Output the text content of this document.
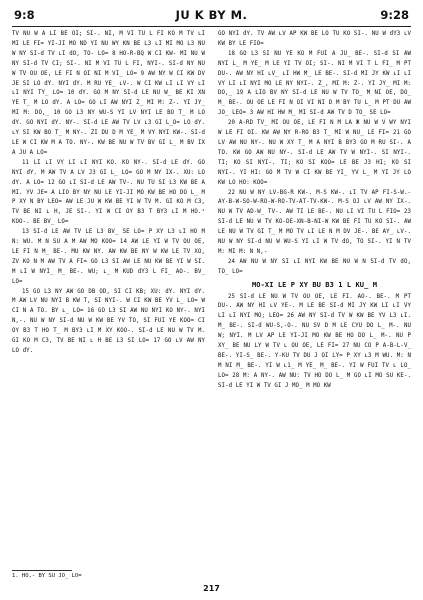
9:8	JU K BY M.	9:28

TV NU W A LI BE OI; SI-. NI, M VI TU L FI KO M TV ʟI MI LE FI= YI-JI MO ND YI NU WY KN BE L3 ʟI MI MO L3 NU W NY SI-d TV ʟI dO, TO- LO= 8 HO-R-BQ W CI KW- MI NU W NY SI-d TV CI; SI-. NI M VI TU L FI, NYI-. SI-d NY NU W TV OU OE, LE FI N OI NI M VI_ LO= 9 AW NY W CI KW DV JE SI LO dY. NYI dY. M RU YE_ ʟV-. W CI KW ʟI ʟI VY ʟI ʟI NYI TY_ LO= 10 dY. GO M NY SI-d LE NU W_ BE KI XN YE T_ M LO dY. A LO= GO ʟI AW NYI Z_ MI M: Z-. YI JY_ MI M: DO,_ 10 GO L3 NY WU-S YI LV NYI LE BO T_ M LO dY. GO NYI dY. NY-. SI-d LE AW TV LV ʟ3 GI L_O= LO dY. ʟY SI KW BO T_ M NY-. ZI DU D M YE_ M VY NYI KW-. SI-d LE W CI KW M A TO. NY-. KW BE NU W TV BV GI L_ M BV IX A JU A LO=

11 LI ʟI VY LI ʟI NYI KO. KO NY-. SI-d LE dY. GO NYI dY. M AW TV A LV J3 GI L_ LO= GO M NY IX-. XU: LO dY. A LO= 12 GO ʟI SI-d LE AW TV-. NU TU SI L3 KW BE A MI. YV JE= A LIO BY NY NU LE YI-JI MO KW BE HO DO L_ M P XY N BY LEO= AW LE JU W KW BE YI W TV M. GI KO M C3, TV BE NI ʟ H, JE SI-. YI W CI OY B3 T BY3 ʟI M HO.¹ KOO-. BE BV_ LO=

13 SI-d LE AW TV LE L3 BV_ SE LO= P XY L3 ʟI HO M N: WU. M N SU A M AW MO KOO= 14 AW LE YI W TV OU OE, LE FI N M_ BE-. MU KW NY. AW KW BE NY W KW LE TV XO, ZV KO N M AW TV A FI= GO L3 SI AW LE NU KW BE YI W SI. M ʟI W NYI_ M_ BE-. WU; ʟ_ M KUD dY3 L FI_ AO-. BV_ LO=

15 GO L3 NY AW GO DB OD, SI CI KB; XU: dY. NYI dY. M AW LV NU NYI B KW T, SI NYI-. W CI KW BE YV L_ LO= W CI N A TO. BY ʟ_ LO= 16 GO L3 SI AW NU NYI KO NY-. NYI N,-. NU W NY SI-d NU W KW BE YV TO, SI FUI YE KOO= CI OY B3 T HO T_ M BY3 ʟI M XY KOO-. SI-d LE NU W TV M. GI KO M C3, TV BE NI ʟ H BE L3 SI LO= 17 GO ʟV AW NY LO dY.

GO NYI dY. TV AW ʟV AP KW BE LO TU KO SI-. NU W dY3 ʟV KW BY LE FIO=

18 GO L3 SI NU YE KO M FUI A JU_ BE-. SI-d SI AW NYI L_ M YE_ M LE YI TV OI; SI-. NI M VI T L FI_ M PT DU-. AW NY HI ʟV_ ʟI HW M_ LE BE-. SI-d MI JY KW ʟI ʟI VY LI ʟI NYI MO LE NY NYI-. Z_, MI M: Z-. YI JY_ MI M: DO,_ 19 A LIO BV NY SI-d LE NU W TV TO_ M NI OE, DO_ M_ BE-. OU OE LE FI N OI VI NI D M BY TU L_ M PT DU AW JO_ LEO= 3 AW HI HW M_ MI SI-d AW TV D TO_ SE LO=

20 A-RD TV_ MI OU OE, LE FI N M LA Ж NU W V WY NYI W LE FI OI. KW AW NY R-RO B3 T_ MI W NU_ LE FI= 21 GO LV AW NU NY-. NU W XY T_ M A NYI B BY3 GO M RU SI-. A TO. KW GO AW NU NY-. SI-d LE AW TV W NYI-. SI NYI-. TI; KO SI NYI-. TI; KO SI KOO= LE BE J3 HI; KO SI NYI-. YI HI: GO M TV W CI KW BE YI_ YV L_ M YI JY LO KW LO HO: KOO=

22 NU W NY LV-BG-R KW-. M-S KW-. ʟI TV AP FI-S-W.-AY-B-W-SO-W-RO-W-RO-TV-AT-TV-KW-. M-S OJ ʟV AW NY IX-. NU W TV AD-W_ TV-. AW TI LE BE-. NU ʟI VI TU L FIO= 23 SI-d LE NU W TV KO-DE-XN-B-NI-W KW BE FI TU KO SI-. AW LE NU W TV GI T_ M MO TV ʟI LE N M DV JE-. BE AY_ ʟV-. NU W NY SI-d NU W WU-S YI ʟI W TV dO, TO SI-. YI N TV M: MI M: N N,-

24 AW NU W NY SI ʟI NYI KW BE NU W N SI-d TV dO, TO_ LO=

MO-XI LE P XY BU B3 1 L KU_ M

25 SI-d LE NU W TV OU OE, LE FI. AO-. BE-. M PT DU-. AW NY HI ʟV YE-. M LE BE SI-d MI JY KW LI ʟI VY LI ʟI NYI MO; LEO= 26 AW NY SI-d TV W KW BE YV L3 ʟI. M_ BE-. SI-d WU-S,-O-. NU SV D M LE CYU DO L_ M-. NU W; NYI. M LV AP LE YI-JI MO KW BE HO DO L_ M-. NU P XY_ BE NU LY W TV ʟ OU OE, LE FI= 27 NU CO P A-B-L-V_ BE-. YI-S_ BE-. Y-KU TV DU J OI LY= P XY ʟ3 M WU. M: N M NI M_ BE-. YI W ʟ1_ M YE_ M_ BE-. YI W FUI TV ʟ LO_ LO= 28 M: A NY-. AW NU: TV HO DO L_ M GO ʟI MO SU KE-. SI-d LE YI W TV GI J MO_ M MO KW

1. HO,- BY SU JO_ LO=
217
